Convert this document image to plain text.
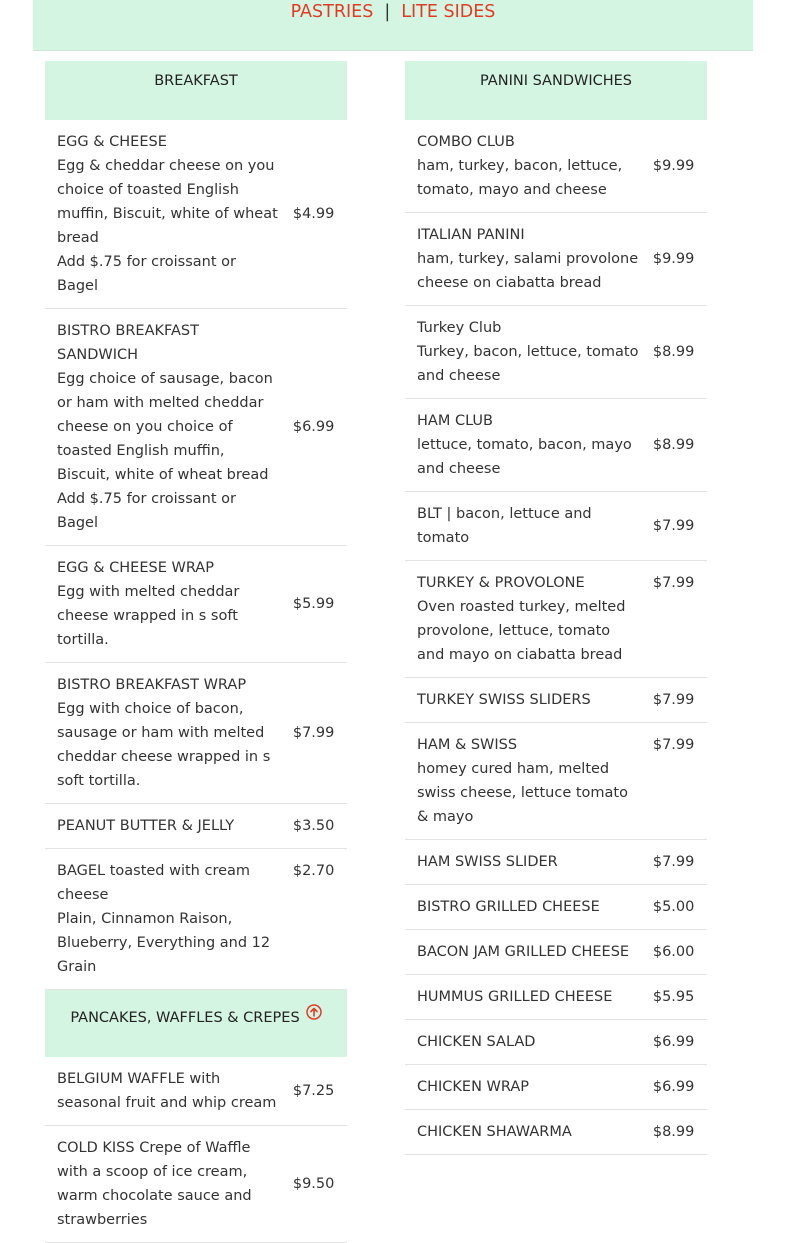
PASTRIES | LITE SIDES
BREAKFAST
EGG & CHEESE
Egg & cheddar cheese on you choice of toasted English muffin, Biscuit, white of wheat bread
Add $.75 for croissant or Bagel	$4.99

BISTRO BREAKFAST SANDWICH
Egg choice of sausage, bacon or ham with melted cheddar cheese on you choice of toasted English muffin, Biscuit, white of wheat bread
Add $.75 for croissant or Bagel	$6.99

EGG & CHEESE WRAP
Egg with melted cheddar cheese wrapped in s soft tortilla.	$5.99

BISTRO BREAKFAST WRAP
Egg with choice of bacon, sausage or ham with melted cheddar cheese wrapped in s soft tortilla.	$7.99

PEANUT BUTTER & JELLY	$3.50

BAGEL toasted with cream cheese
Plain, Cinnamon Raison, Blueberry, Everything and 12 Grain	$2.70
PANCAKES, WAFFLES & CREPES
BELGIUM WAFFLE with seasonal fruit and whip cream	$7.25

COLD KISS Crepe of Waffle with a scoop of ice cream, warm chocolate sauce and strawberries	$9.50
PANINI SANDWICHES
COMBO CLUB
ham, turkey, bacon, lettuce, tomato, mayo and cheese	$9.99

ITALIAN PANINI
ham, turkey, salami provolone cheese on ciabatta bread	$9.99

Turkey Club
Turkey, bacon, lettuce, tomato and cheese	$8.99

HAM CLUB
lettuce, tomato, bacon, mayo and cheese	$8.99

BLT | bacon, lettuce and tomato	$7.99

TURKEY & PROVOLONE
Oven roasted turkey, melted provolone, lettuce, tomato and mayo on ciabatta bread	$7.99

TURKEY SWISS SLIDERS	$7.99

HAM & SWISS
homey cured ham, melted swiss cheese, lettuce tomato & mayo	$7.99

HAM SWISS SLIDER	$7.99

BISTRO GRILLED CHEESE	$5.00

BACON JAM GRILLED CHEESE	$6.00

HUMMUS GRILLED CHEESE	$5.95

CHICKEN SALAD	$6.99

CHICKEN WRAP	$6.99

CHICKEN SHAWARMA	$8.99
